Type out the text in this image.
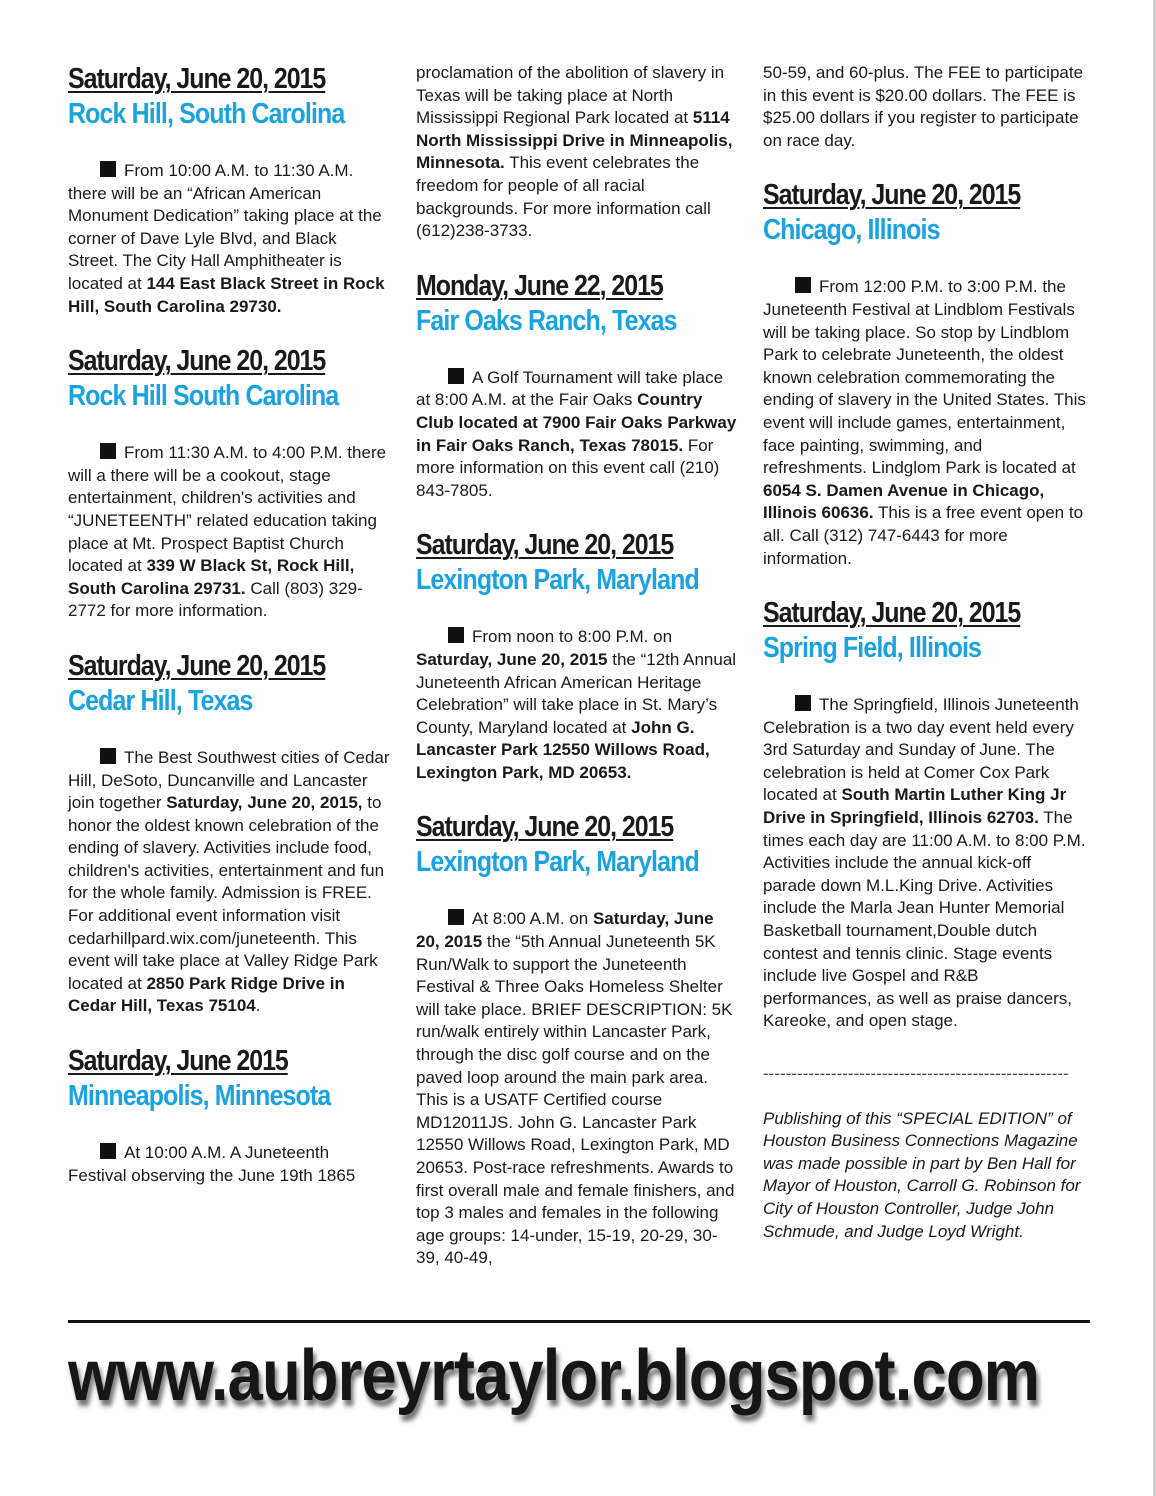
Saturday, June 20, 2015
Rock Hill, South Carolina

From 10:00 A.M. to 11:30 A.M. there will be an “African American Monument Dedication” taking place at the corner of Dave Lyle Blvd, and Black Street. The City Hall Amphitheater is located at 144 East Black Street in Rock Hill, South Carolina 29730.

Saturday, June 20, 2015
Rock Hill South Carolina

From 11:30 A.M. to 4:00 P.M. there will a there will be a cookout, stage entertainment, children's activities and “JUNETEENTH” related education taking place at Mt. Prospect Baptist Church located at 339 W Black St, Rock Hill, South Carolina 29731. Call (803) 329-2772 for more information.

Saturday, June 20, 2015
Cedar Hill, Texas

The Best Southwest cities of Cedar Hill, DeSoto, Duncanville and Lancaster join together Saturday, June 20, 2015, to honor the oldest known celebration of the ending of slavery. Activities include food, children's activities, entertainment and fun for the whole family. Admission is FREE. For additional event information visit cedarhillpard.wix.com/juneteenth. This event will take place at Valley Ridge Park located at 2850 Park Ridge Drive in Cedar Hill, Texas 75104.

Saturday, June 2015
Minneapolis, Minnesota

At 10:00 A.M. A Juneteenth Festival observing the June 19th 1865

proclamation of the abolition of slavery in Texas will be taking place at North Mississippi Regional Park located at 5114 North Mississippi Drive in Minneapolis, Minnesota. This event celebrates the freedom for people of all racial backgrounds. For more information call (612)238-3733.

Monday, June 22, 2015
Fair Oaks Ranch, Texas

A Golf Tournament will take place at 8:00 A.M. at the Fair Oaks Country Club located at 7900 Fair Oaks Parkway in Fair Oaks Ranch, Texas 78015. For more information on this event call (210) 843-7805.

Saturday, June 20, 2015
Lexington Park, Maryland

From noon to 8:00 P.M. on Saturday, June 20, 2015 the “12th Annual Juneteenth African American Heritage Celebration” will take place in St. Mary’s County, Maryland located at John G. Lancaster Park 12550 Willows Road, Lexington Park, MD 20653.

Saturday, June 20, 2015
Lexington Park, Maryland

At 8:00 A.M. on Saturday, June 20, 2015 the “5th Annual Juneteenth 5K Run/Walk to support the Juneteenth Festival & Three Oaks Homeless Shelter will take place. BRIEF DESCRIPTION: 5K run/walk entirely within Lancaster Park, through the disc golf course and on the paved loop around the main park area. This is a USATF Certified course MD12011JS. John G. Lancaster Park 12550 Willows Road, Lexington Park, MD 20653. Post-race refreshments. Awards to first overall male and female finishers, and top 3 males and females in the following age groups: 14-under, 15-19, 20-29, 30-39, 40-49,

50-59, and 60-plus. The FEE to participate in this event is $20.00 dollars. The FEE is $25.00 dollars if you register to participate on race day.

Saturday, June 20, 2015
Chicago, Illinois

From 12:00 P.M. to 3:00 P.M. the Juneteenth Festival at Lindblom Festivals will be taking place. So stop by Lindblom Park to celebrate Juneteenth, the oldest known celebration commemorating the ending of slavery in the United States. This event will include games, entertainment, face painting, swimming, and refreshments. Lindglom Park is located at 6054 S. Damen Avenue in Chicago, Illinois 60636. This is a free event open to all. Call (312) 747-6443 for more information.

Saturday, June 20, 2015
Spring Field, Illinois

The Springfield, Illinois Juneteenth Celebration is a two day event held every 3rd Saturday and Sunday of June. The celebration is held at Comer Cox Park located at South Martin Luther King Jr Drive in Springfield, Illinois 62703. The times each day are 11:00 A.M. to 8:00 P.M. Activities include the annual kick-off parade down M.L.King Drive. Activities include the Marla Jean Hunter Memorial Basketball tournament,Double dutch contest and tennis clinic. Stage events include live Gospel and R&B performances, as well as praise dancers, Kareoke, and open stage.

------------------------------------------------------

Publishing of this “SPECIAL EDITION” of Houston Business Connections Magazine was made possible in part by Ben Hall for Mayor of Houston, Carroll G. Robinson for City of Houston Controller, Judge John Schmude, and Judge Loyd Wright.

www.aubreyrtaylor.blogspot.com
